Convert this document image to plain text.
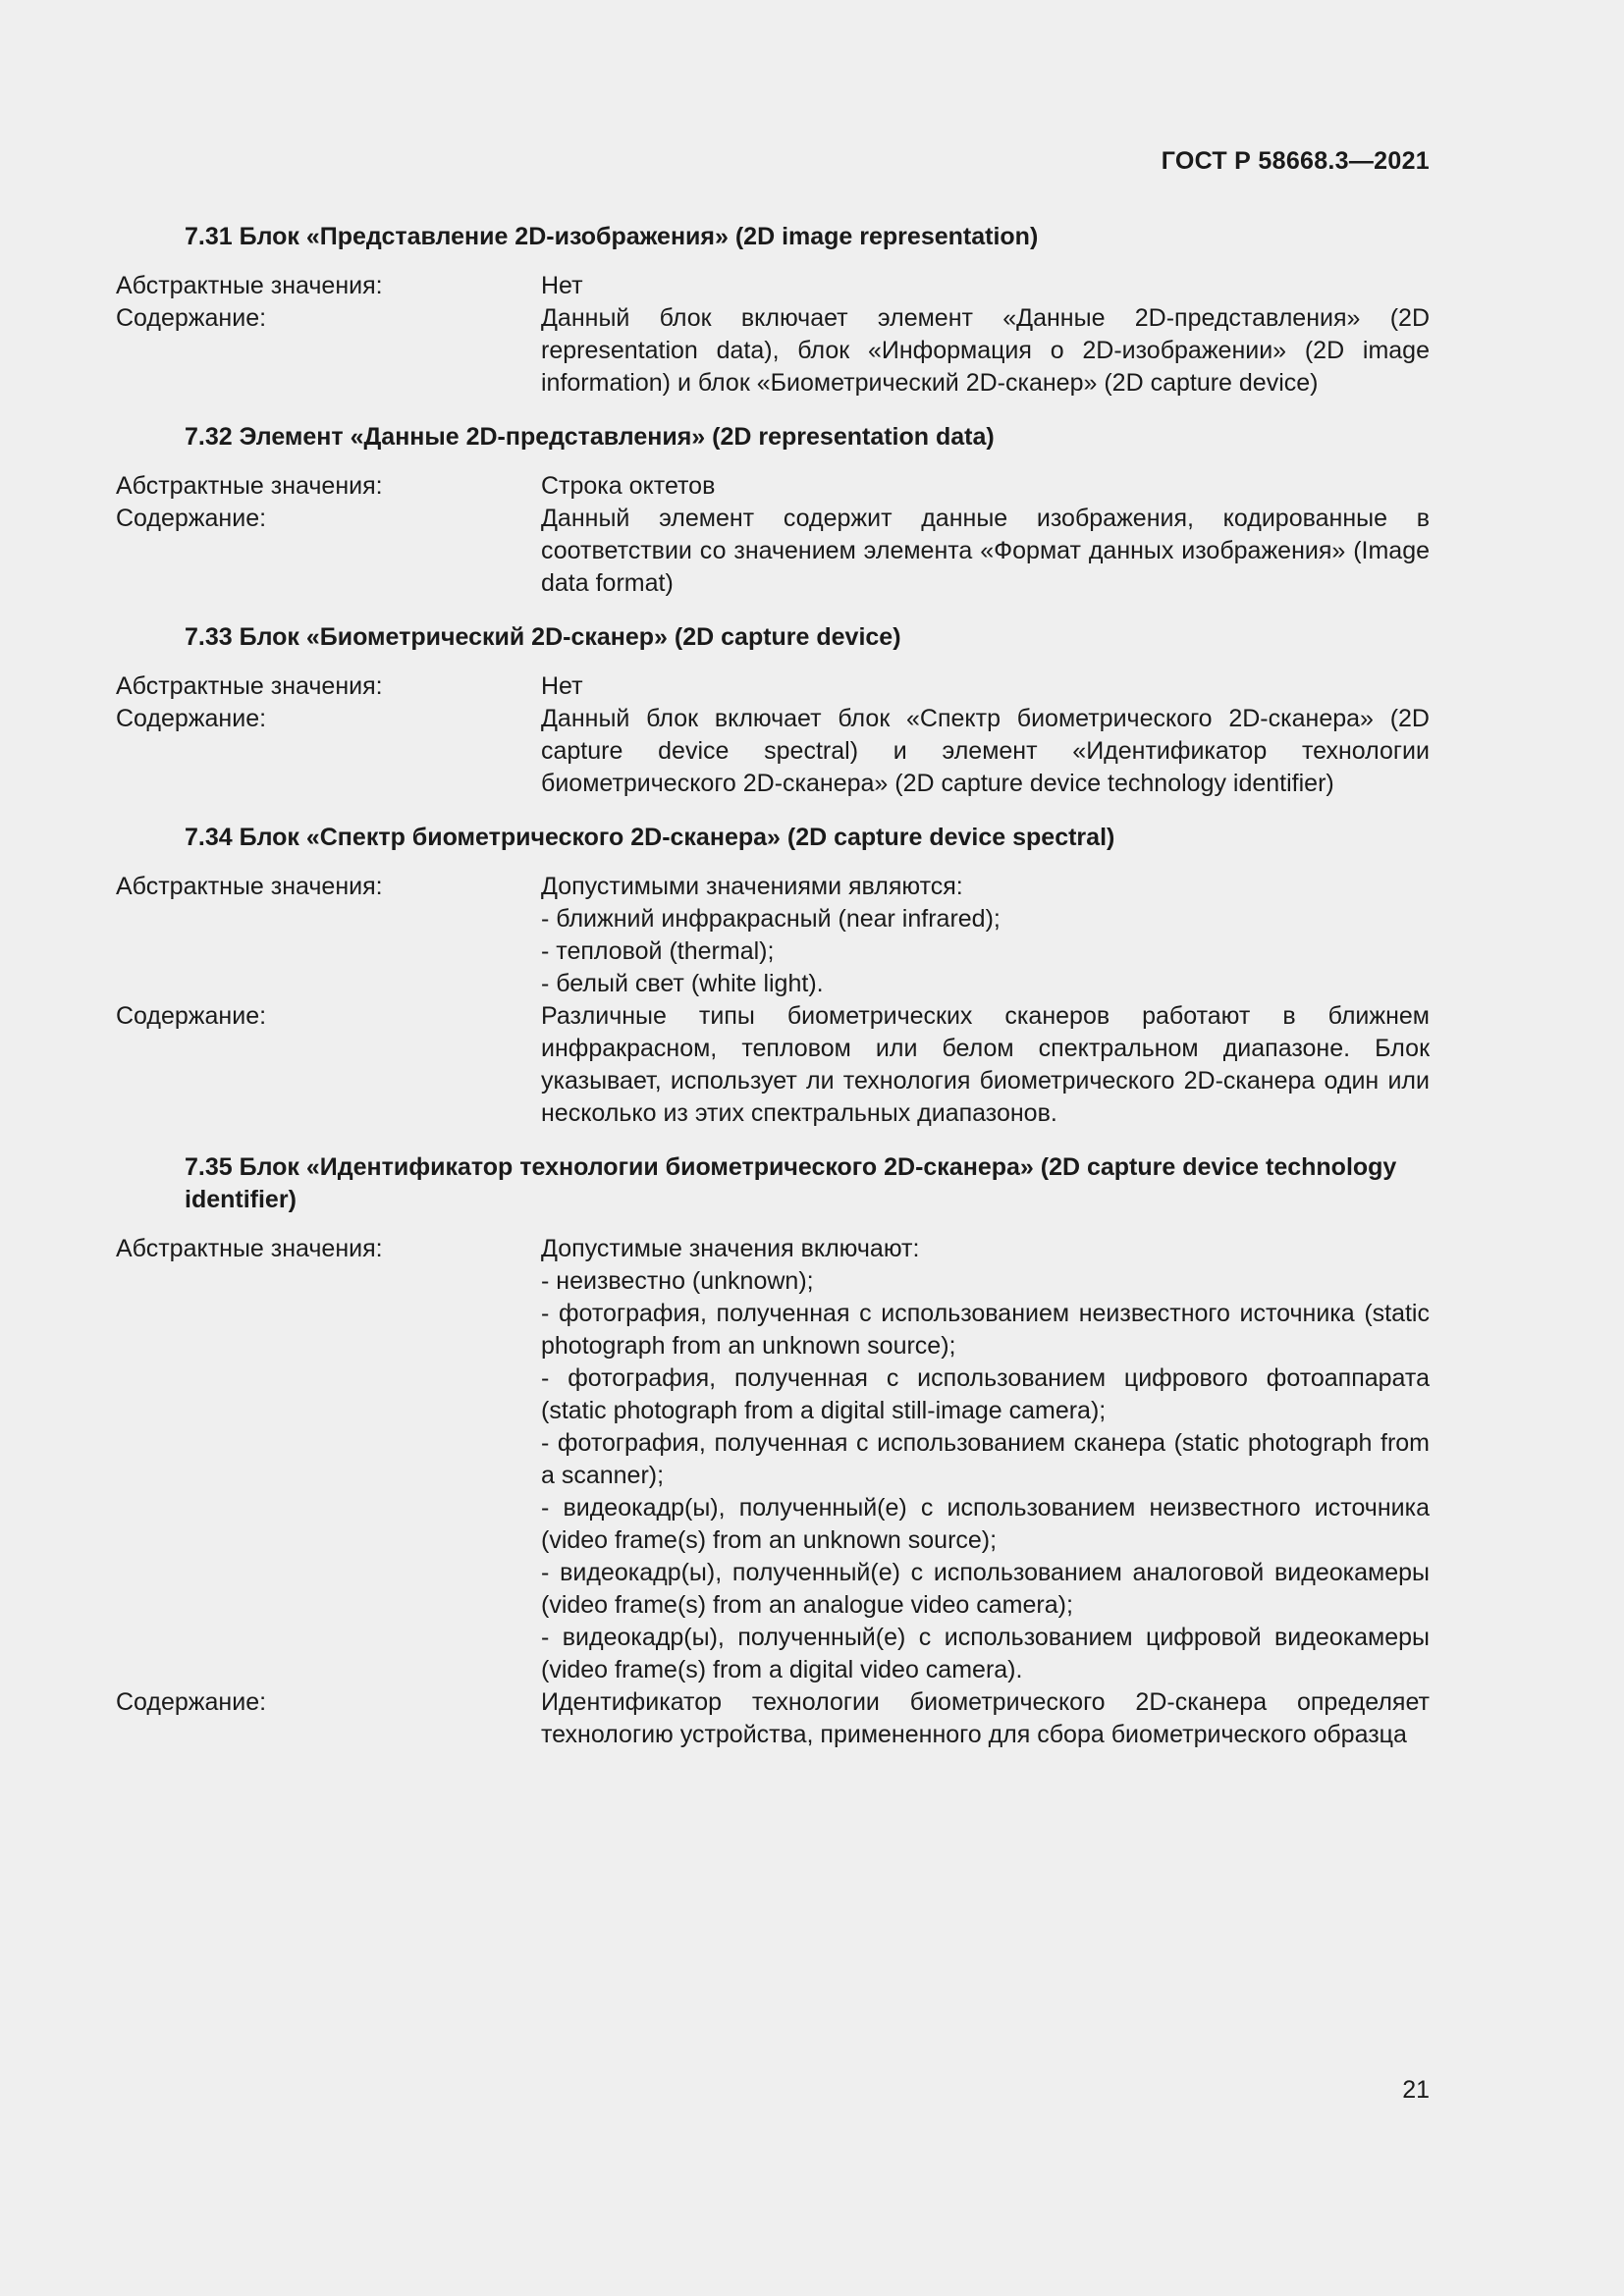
ГОСТ Р 58668.3—2021
7.31 Блок «Представление 2D-изображения» (2D image representation)
Абстрактные значения:	Нет
Содержание:	Данный блок включает элемент «Данные 2D-представления» (2D representation data), блок «Информация о 2D-изображении» (2D image information) и блок «Биометрический 2D-сканер» (2D capture device)
7.32 Элемент «Данные 2D-представления» (2D representation data)
Абстрактные значения:	Строка октетов
Содержание:	Данный элемент содержит данные изображения, кодированные в соответствии со значением элемента «Формат данных изображения» (Image data format)
7.33 Блок «Биометрический 2D-сканер» (2D capture device)
Абстрактные значения:	Нет
Содержание:	Данный блок включает блок «Спектр биометрического 2D-сканера» (2D capture device spectral) и элемент «Идентификатор технологии биометрического 2D-сканера» (2D capture device technology identifier)
7.34 Блок «Спектр биометрического 2D-сканера» (2D capture device spectral)
Абстрактные значения:	Допустимыми значениями являются:

- ближний инфракрасный (near infrared);
- тепловой (thermal);
- белый свет (white light).
Содержание:	Различные типы биометрических сканеров работают в ближнем инфракрасном, тепловом или белом спектральном диапазоне. Блок указывает, использует ли технология биометрического 2D-сканера один или несколько из этих спектральных диапазонов.
7.35 Блок «Идентификатор технологии биометрического 2D-сканера» (2D capture device technology identifier)
Абстрактные значения:	Допустимые значения включают:

- неизвестно (unknown);
- фотография, полученная с использованием неизвестного источника (static photograph from an unknown source);
- фотография, полученная с использованием цифрового фотоаппарата (static photograph from a digital still-image camera);
- фотография, полученная с использованием сканера (static photograph from a scanner);
- видеокадр(ы), полученный(е) с использованием неизвестного источника (video frame(s) from an unknown source);
- видеокадр(ы), полученный(е) с использованием аналоговой видеокамеры (video frame(s) from an analogue video camera);
- видеокадр(ы), полученный(е) с использованием цифровой видеокамеры (video frame(s) from a digital video camera).
Содержание:	Идентификатор технологии биометрического 2D-сканера определяет технологию устройства, примененного для сбора биометрического образца
21
